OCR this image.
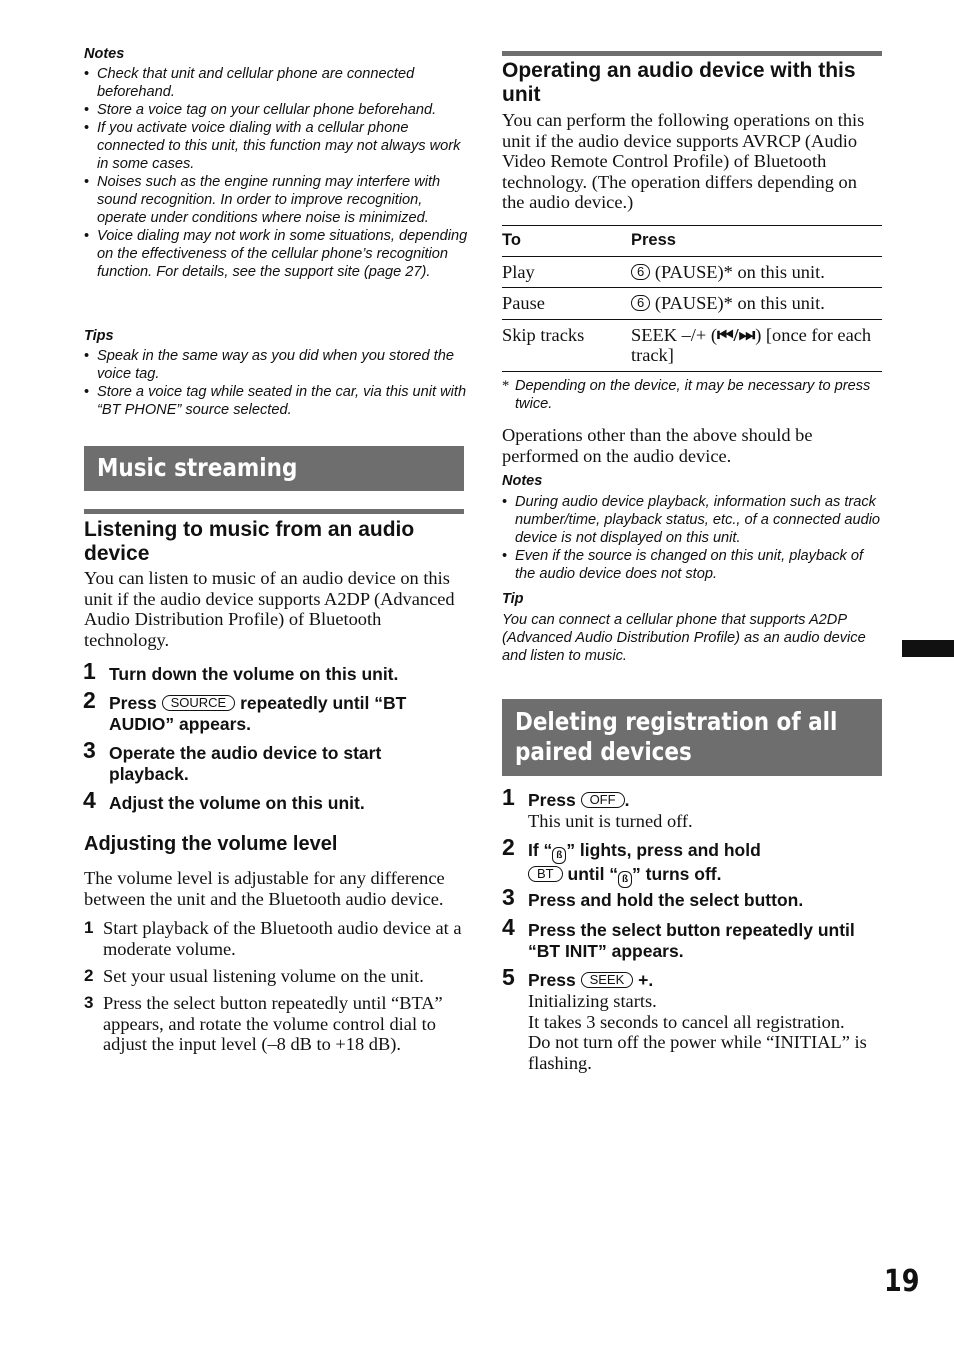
Notes
• Check that unit and cellular phone are connected beforehand.
• Store a voice tag on your cellular phone beforehand.
• If you activate voice dialing with a cellular phone connected to this unit, this function may not always work in some cases.
• Noises such as the engine running may interfere with sound recognition. In order to improve recognition, operate under conditions where noise is minimized.
• Voice dialing may not work in some situations, depending on the effectiveness of the cellular phone’s recognition function. For details, see the support site (page 27).
Tips
• Speak in the same way as you did when you stored the voice tag.
• Store a voice tag while seated in the car, via this unit with “BT PHONE” source selected.
Music streaming
Listening to music from an audio device

You can listen to music of an audio device on this unit if the audio device supports A2DP (Advanced Audio Distribution Profile) of Bluetooth technology.

1 Turn down the volume on this unit.
2 Press SOURCE repeatedly until “BT AUDIO” appears.
3 Operate the audio device to start playback.
4 Adjust the volume on this unit.
Adjusting the volume level

The volume level is adjustable for any difference between the unit and the Bluetooth audio device.

1 Start playback of the Bluetooth audio device at a moderate volume.
2 Set your usual listening volume on the unit.
3 Press the select button repeatedly until “BTA” appears, and rotate the volume control dial to adjust the input level (–8 dB to +18 dB).
Operating an audio device with this unit

You can perform the following operations on this unit if the audio device supports AVRCP (Audio Video Remote Control Profile) of Bluetooth technology. (The operation differs depending on the audio device.)

To	Press
Play	6 (PAUSE)* on this unit.
Pause	6 (PAUSE)* on this unit.
Skip tracks	SEEK –/+ (⏮/⏭) [once for each track]
* Depending on the device, it may be necessary to press twice.

Operations other than the above should be performed on the audio device.

Notes
• During audio device playback, information such as track number/time, playback status, etc., of a connected audio device is not displayed on this unit.
• Even if the source is changed on this unit, playback of the audio device does not stop.
Tip
You can connect a cellular phone that supports A2DP (Advanced Audio Distribution Profile) as an audio device and listen to music.
Deleting registration of all paired devices
1 Press OFF .
This unit is turned off.
2 If “ ß ” lights, press and hold
BT until “ ß ” turns off.
3 Press and hold the select button.
4 Press the select button repeatedly until “BT INIT” appears.
5 Press SEEK +.
Initializing starts.
It takes 3 seconds to cancel all registration.
Do not turn off the power while “INITIAL” is flashing.
19
